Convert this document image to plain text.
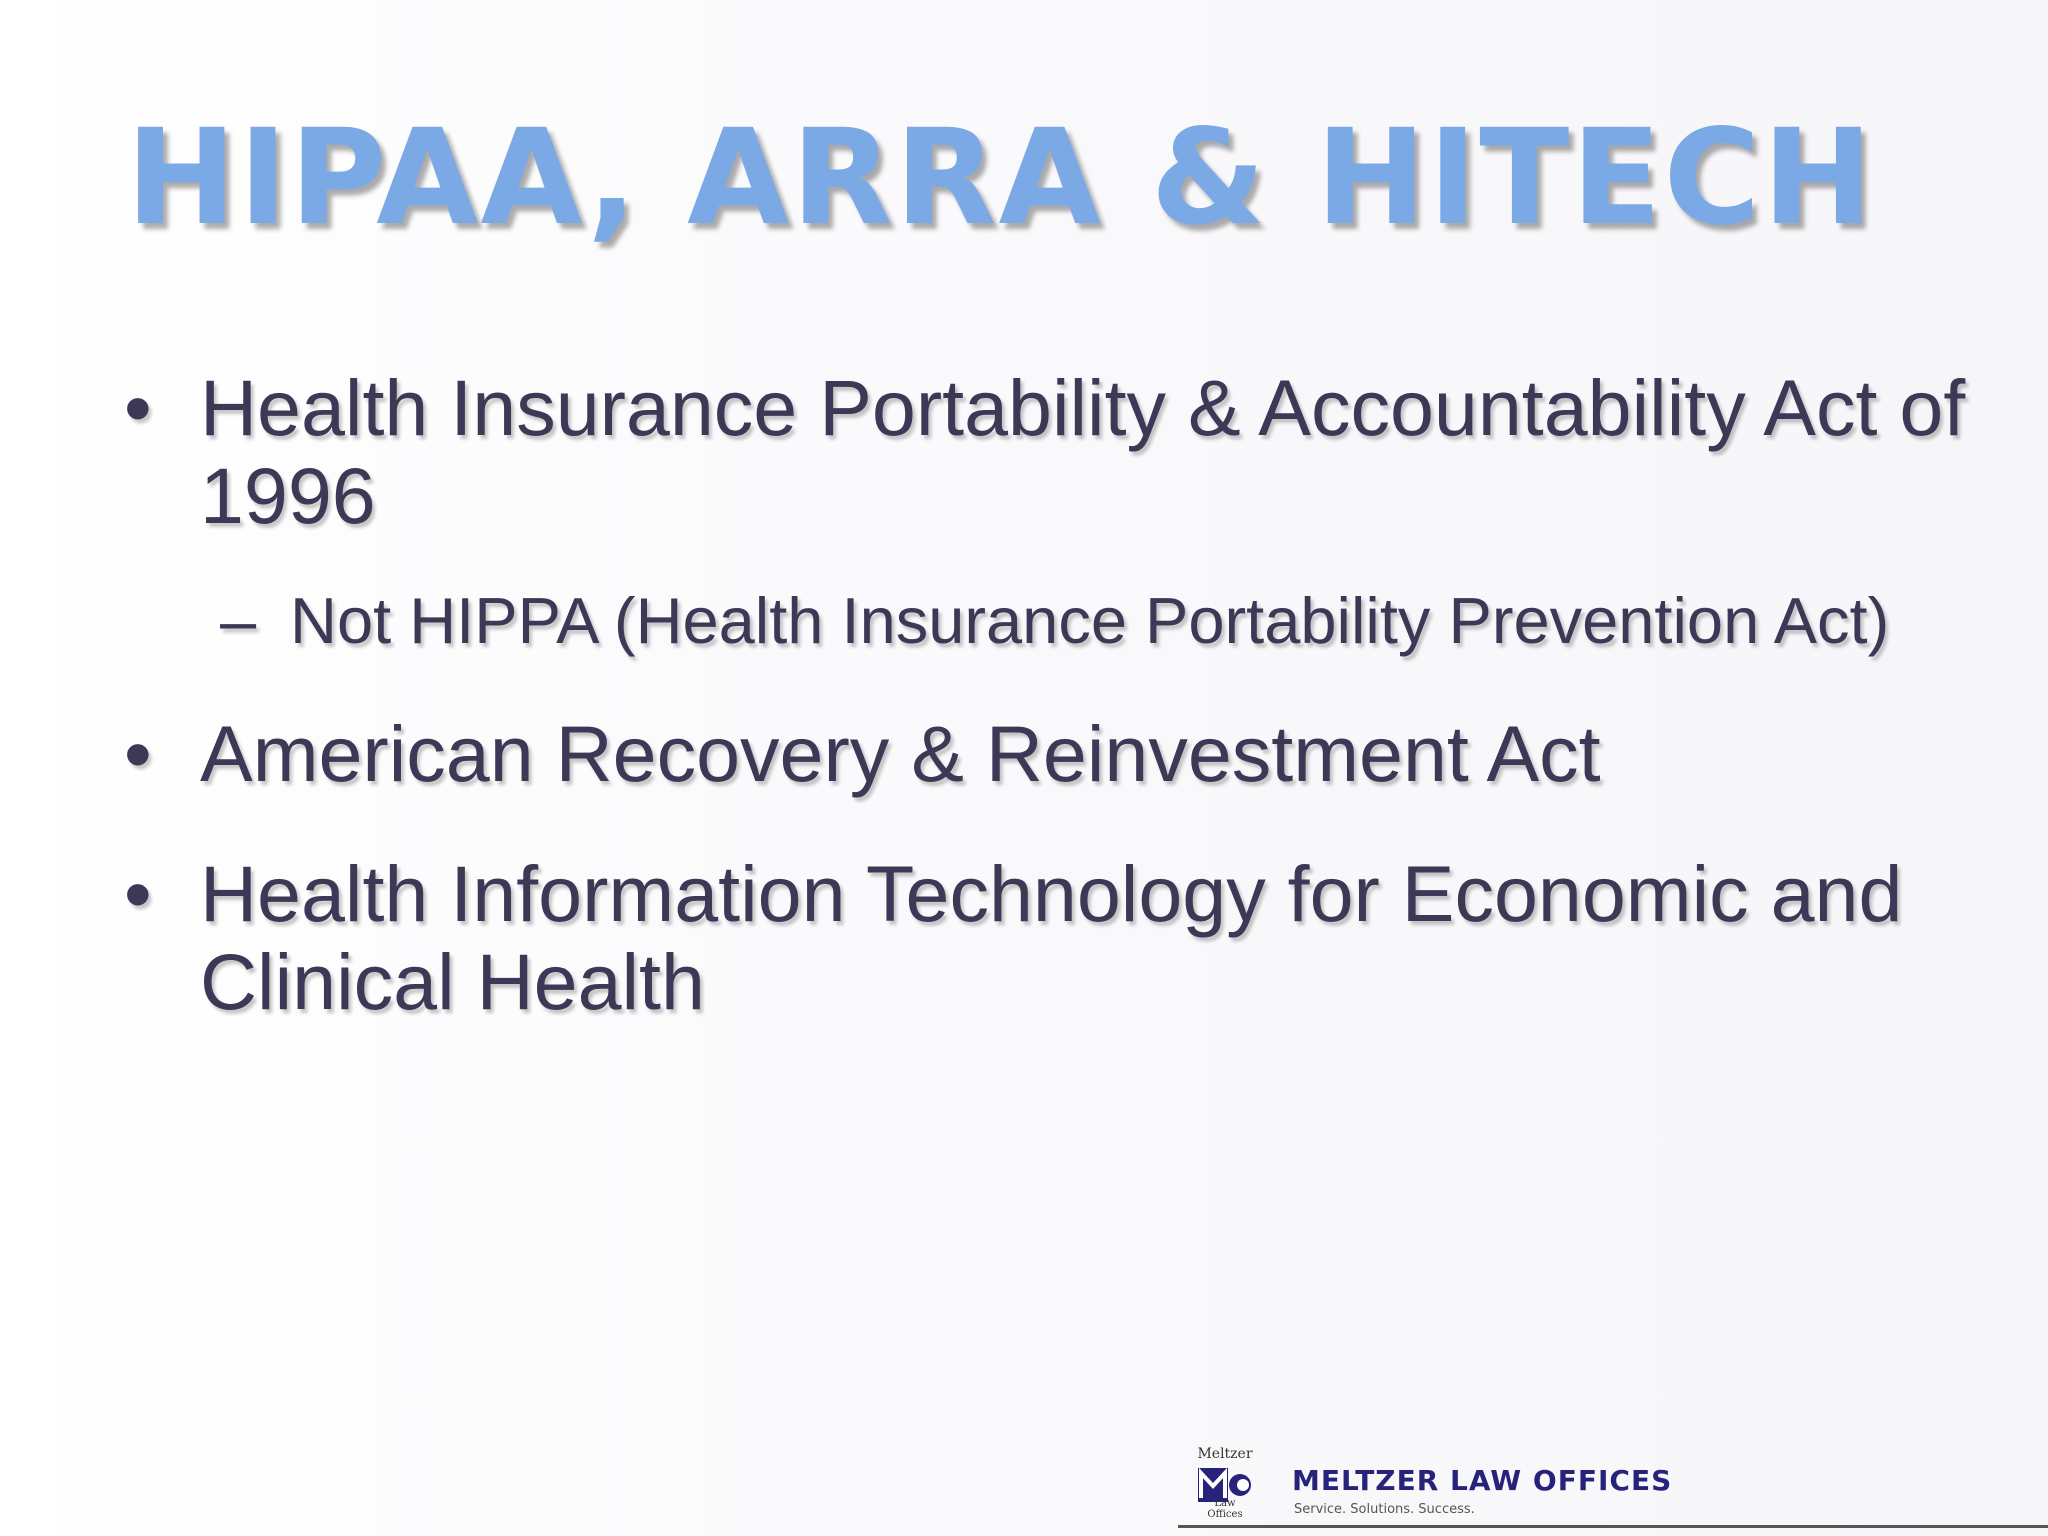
HIPAA, ARRA & HITECH
• Health Insurance Portability & Accountability Act of 1996
– Not HIPPA (Health Insurance Portability Prevention Act)
• American Recovery & Reinvestment Act
• Health Information Technology for Economic and Clinical Health
Meltzer
Law Offices
MELTZER LAW OFFICES
Service. Solutions. Success.
